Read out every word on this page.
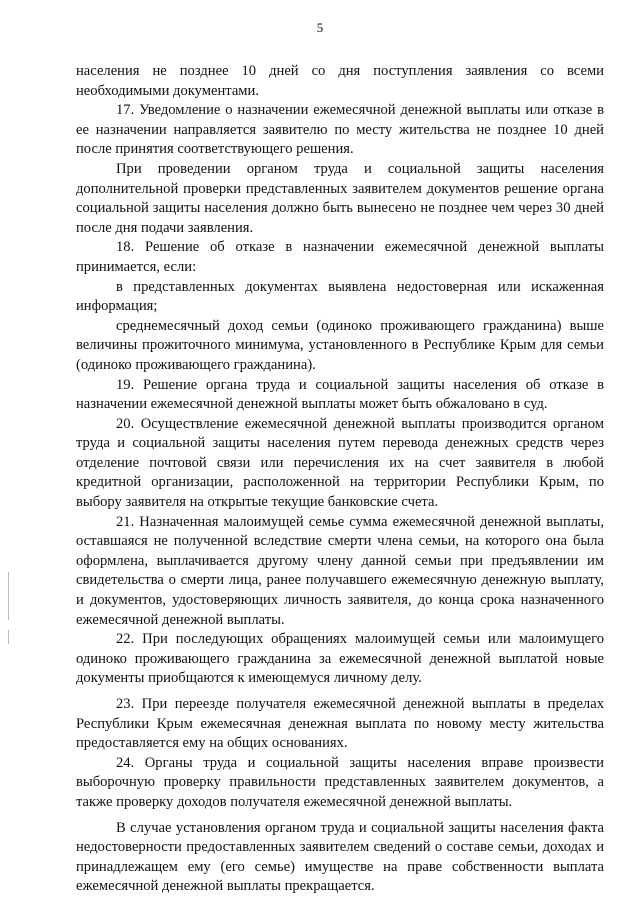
5

населения не позднее 10 дней со дня поступления заявления со всеми необходимыми документами.

17. Уведомление о назначении ежемесячной денежной выплаты или отказе в ее назначении направляется заявителю по месту жительства не позднее 10 дней после принятия соответствующего решения.

При проведении органом труда и социальной защиты населения дополнительной проверки представленных заявителем документов решение органа социальной защиты населения должно быть вынесено не позднее чем через 30 дней после дня подачи заявления.

18. Решение об отказе в назначении ежемесячной денежной выплаты принимается, если:

в представленных документах выявлена недостоверная или искаженная информация;

среднемесячный доход семьи (одиноко проживающего гражданина) выше величины прожиточного минимума, установленного в Республике Крым для семьи (одиноко проживающего гражданина).

19. Решение органа труда и социальной защиты населения об отказе в назначении ежемесячной денежной выплаты может быть обжаловано в суд.

20. Осуществление ежемесячной денежной выплаты производится органом труда и социальной защиты населения путем перевода денежных средств через отделение почтовой связи или перечисления их на счет заявителя в любой кредитной организации, расположенной на территории Республики Крым, по выбору заявителя на открытые текущие банковские счета.

21. Назначенная малоимущей семье сумма ежемесячной денежной выплаты, оставшаяся не полученной вследствие смерти члена семьи, на которого она была оформлена, выплачивается другому члену данной семьи при предъявлении им свидетельства о смерти лица, ранее получавшего ежемесячную денежную выплату, и документов, удостоверяющих личность заявителя, до конца срока назначенного ежемесячной денежной выплаты.

22. При последующих обращениях малоимущей семьи или малоимущего одиноко проживающего гражданина за ежемесячной денежной выплатой новые документы приобщаются к имеющемуся личному делу.

23. При переезде получателя ежемесячной денежной выплаты в пределах Республики Крым ежемесячная денежная выплата по новому месту жительства предоставляется ему на общих основаниях.

24. Органы труда и социальной защиты населения вправе произвести выборочную проверку правильности представленных заявителем документов, а также проверку доходов получателя ежемесячной денежной выплаты.

В случае установления органом труда и социальной защиты населения факта недостоверности предоставленных заявителем сведений о составе семьи, доходах и принадлежащем ему (его семье) имуществе на праве собственности выплата ежемесячной денежной выплаты прекращается.
